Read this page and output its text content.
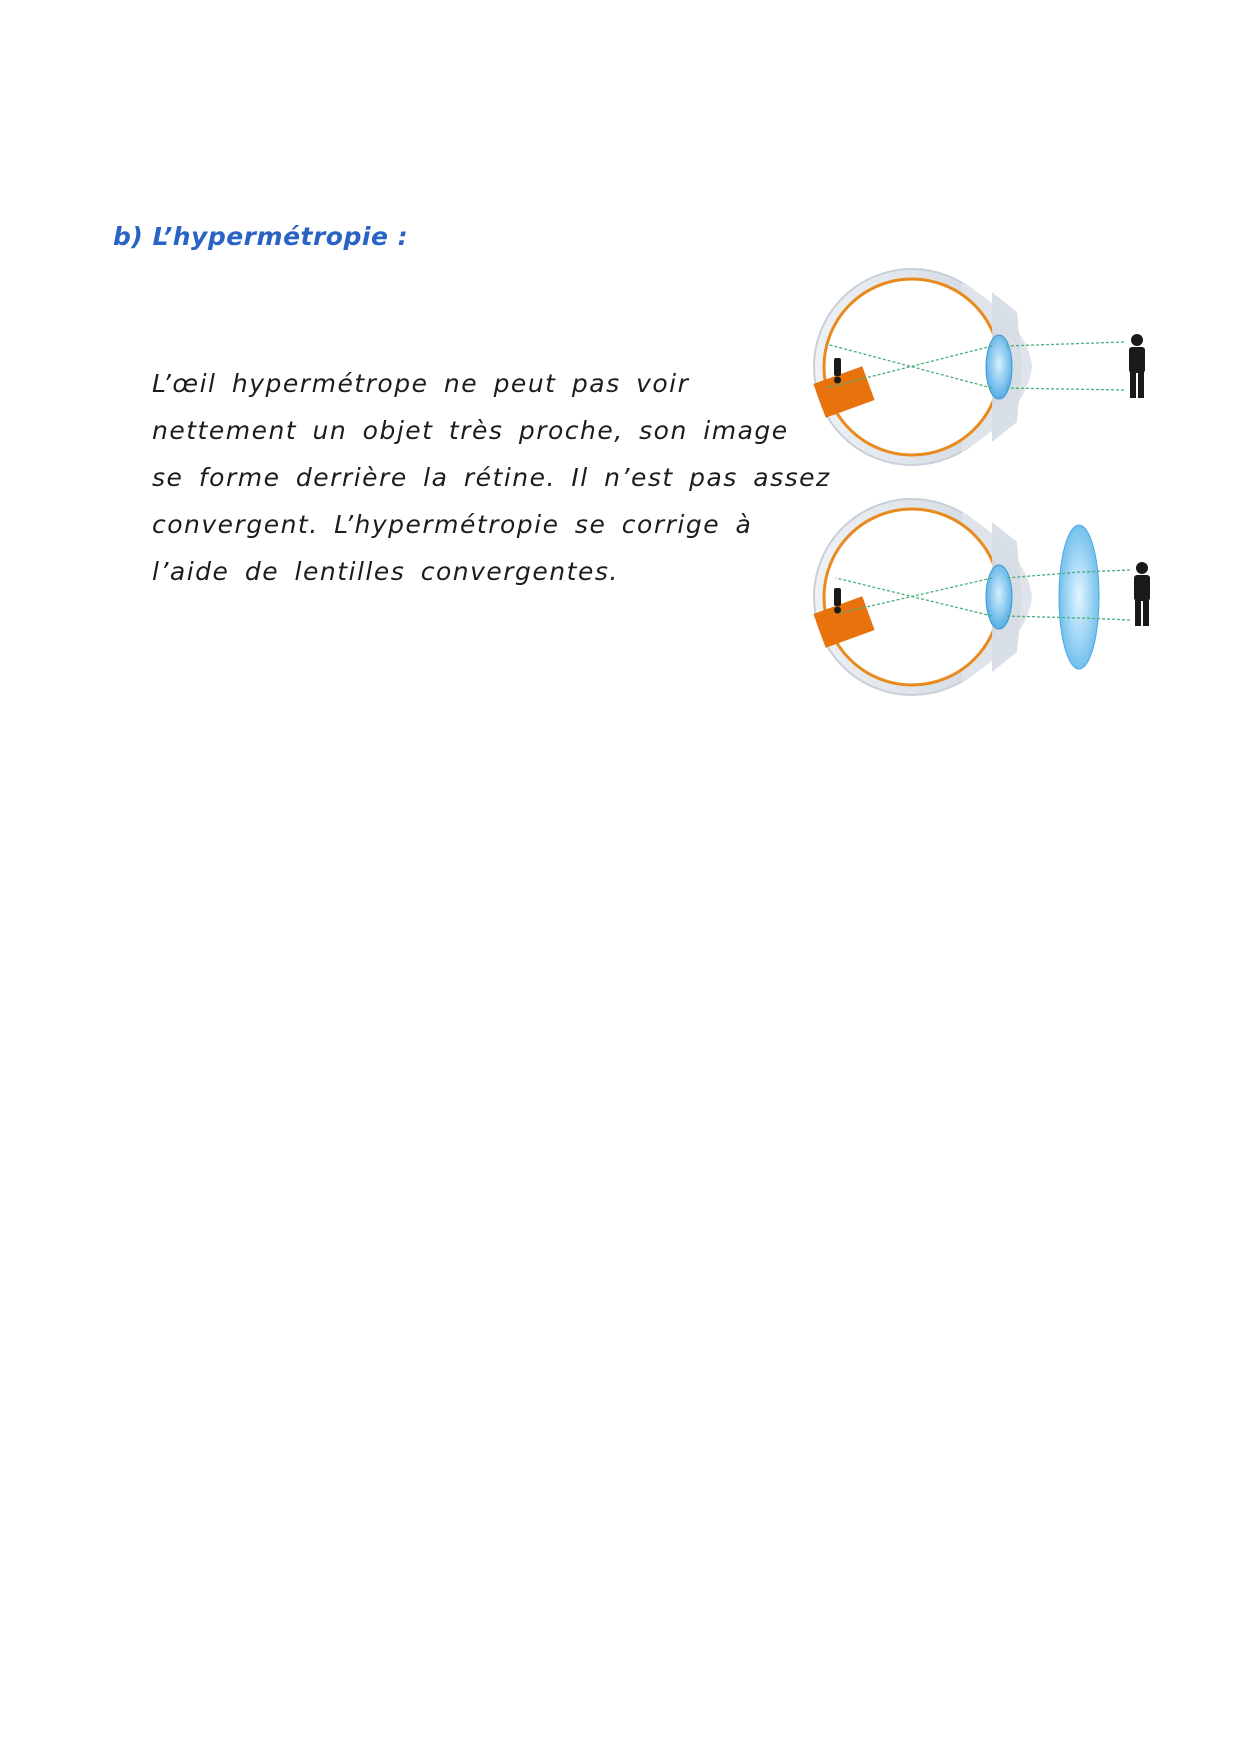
b) L’hypermétropie :

L’œil hypermétrope ne peut pas voir
nettement un objet très proche, son image
se forme derrière la rétine. Il n’est pas assez
convergent. L’hypermétropie se corrige à
l’aide de lentilles convergentes.
